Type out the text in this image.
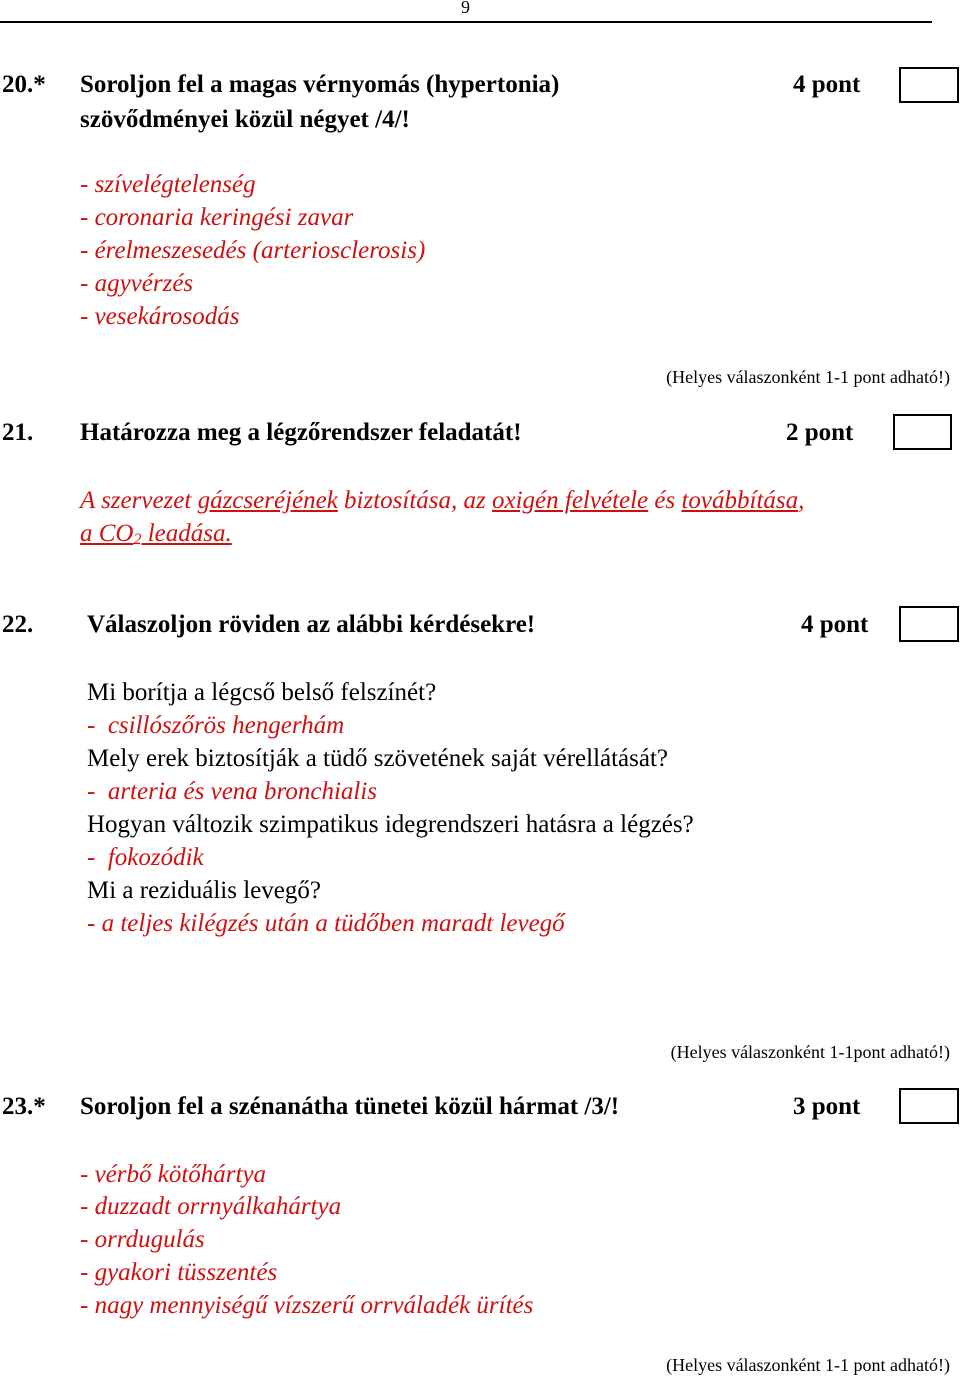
9
20.* Soroljon fel a magas vérnyomás (hypertonia)
szövődményei közül négyet /4/!
4 pont
- szívelégtelenség
- coronaria keringési zavar
- érelmeszesedés (arteriosclerosis)
- agyvérzés
- vesekárosodás
(Helyes válaszonként 1-1 pont adható!)
21. Határozza meg a légzőrendszer feladatát!	2 pont
A szervezet gázcseréjének biztosítása, az oxigén felvétele és továbbítása,
a $CO_2$ leadása.
22. Válaszoljon röviden az alábbi kérdésekre!	4 pont
Mi borítja a légcső belső felszínét?
- csillószőrös hengerhám
Mely erek biztosítják a tüdő szövetének saját vérellátását?
- arteria és vena bronchialis
Hogyan változik szimpatikus idegrendszeri hatásra a légzés?
- fokozódik
Mi a reziduális levegő?
- a teljes kilégzés után a tüdőben maradt levegő
(Helyes válaszonként 1-1pont adható!)
23.* Soroljon fel a szénanátha tünetei közül hármat /3/!	3 pont
- vérbő kötőhártya
- duzzadt orrnyálkahártya
- orrdugulás
- gyakori tüsszentés
- nagy mennyiségű vízszerű orrváladék ürítés
(Helyes válaszonként 1-1 pont adható!)
